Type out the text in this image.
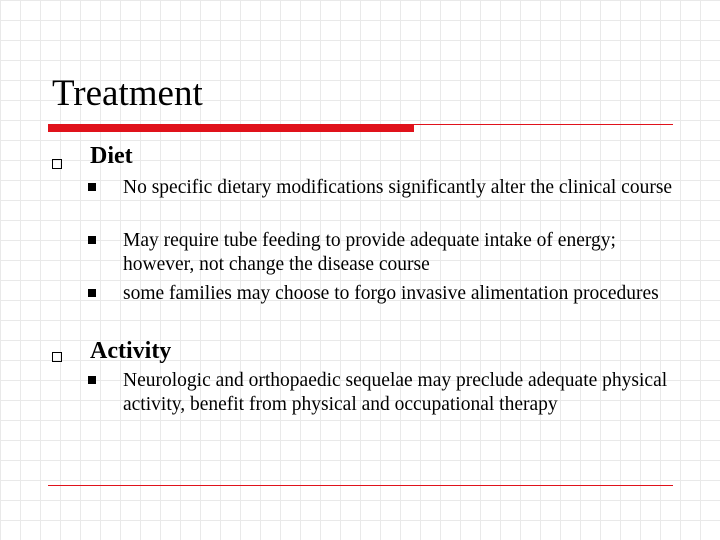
Treatment
Diet
No specific dietary modifications significantly alter the clinical course
May require tube feeding to provide adequate intake of energy; however, not change the disease course
some families may choose to forgo invasive alimentation procedures
Activity
Neurologic and orthopaedic sequelae may preclude adequate physical activity, benefit from physical and occupational therapy
